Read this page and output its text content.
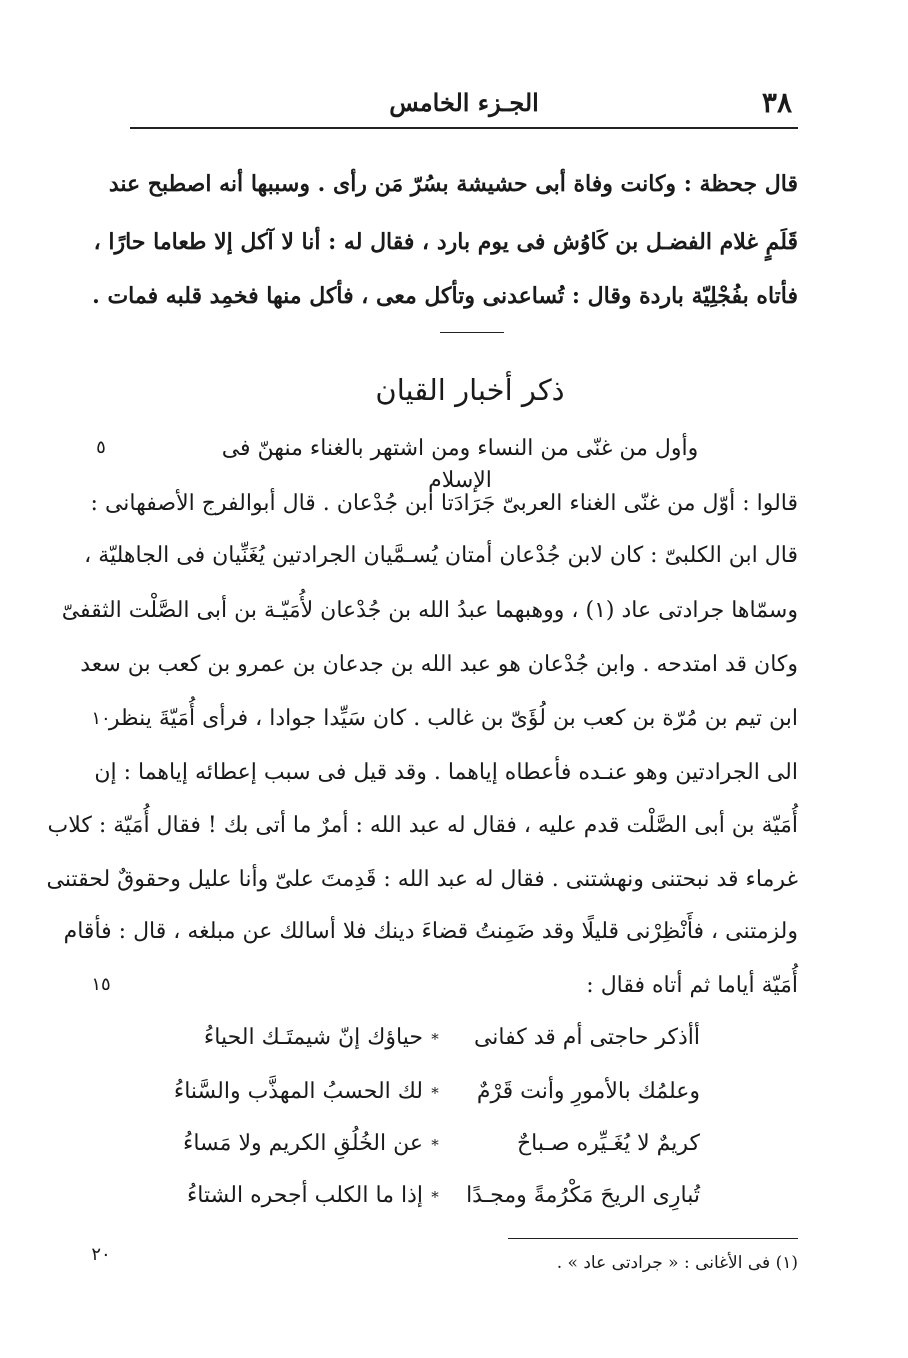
٣٨
الجـزء الخامس
قال جحظة : وكانت وفاة أبى حشيشة بسُرّ مَن رأى . وسببها أنه اصطبح عند
قَلَمٍ غلام الفضـل بن كَاوُش فى يوم بارد ، فقال له : أنا لا آكل إلا طعاما حارًا ،
فأتاه بفُجْلِيّة باردة وقال : تُساعدنى وتأكل معى ، فأكل منها فخمِد قلبه فمات .
ذكر أخبار القيان
وأول من غنّى من النساء ومن اشتهر بالغناء منهنّ فى الإسلام
قالوا : أوّل من غنّى الغناء العربىّ جَرَادَتا ابن جُدْعان . قال أبوالفرج الأصفهانى :
قال ابن الكلبىّ : كان لابن جُدْعان أمتان يُسـمَّيان الجرادتين يُغَنِّيان فى الجاهليّة ،
وسمّاها جرادتى عاد (١) ، ووهبهما عبدُ الله بن جُدْعان لأُمَيّـة بن أبى الصَّلْت الثقفىّ
وكان قد امتدحه . وابن جُدْعان هو عبد الله بن جدعان بن عمرو بن كعب بن سعد
ابن تيم بن مُرّة بن كعب بن لُؤَىّ بن غالب . كان سَيِّدا جوادا ، فرأى أُمَيّةَ ينظر
الى الجرادتين وهو عنـده فأعطاه إياهما . وقد قيل فى سبب إعطائه إياهما : إن
أُمَيّة بن أبى الصَّلْت قدم عليه ، فقال له عبد الله : أمرٌ ما أتى بك ! فقال أُمَيّة : كلاب
غرماء قد نبحتنى ونهشتنى . فقال له عبد الله : قَدِمتَ علىّ وأنا عليل وحقوقٌ لحقتنى
ولزمتنى ، فأَنْظِرْنى قليلًا وقد ضَمِنتُ قضاءَ دينك فلا أسالك عن مبلغه ، قال : فأقام
أُمَيّة أياما ثم أتاه فقال :
أأذكر حاجتى أم قد كفانى
*
حياؤك إنّ شيمتَـك الحياءُ
وعلمُك بالأمورِ وأنت قَرْمٌ
*
لك الحسبُ المهذَّب والسَّناءُ
كريمٌ لا يُغَـيِّره صـباحٌ
*
عن الخُلُقِ الكريم ولا مَساءُ
تُبارِى الريحَ مَكْرُمةً ومجـدًا
*
إذا ما الكلب أجحره الشتاءُ
٥
١٠
١٥
٢٠	(١) فى الأغانى : « جرادتى عاد » .
